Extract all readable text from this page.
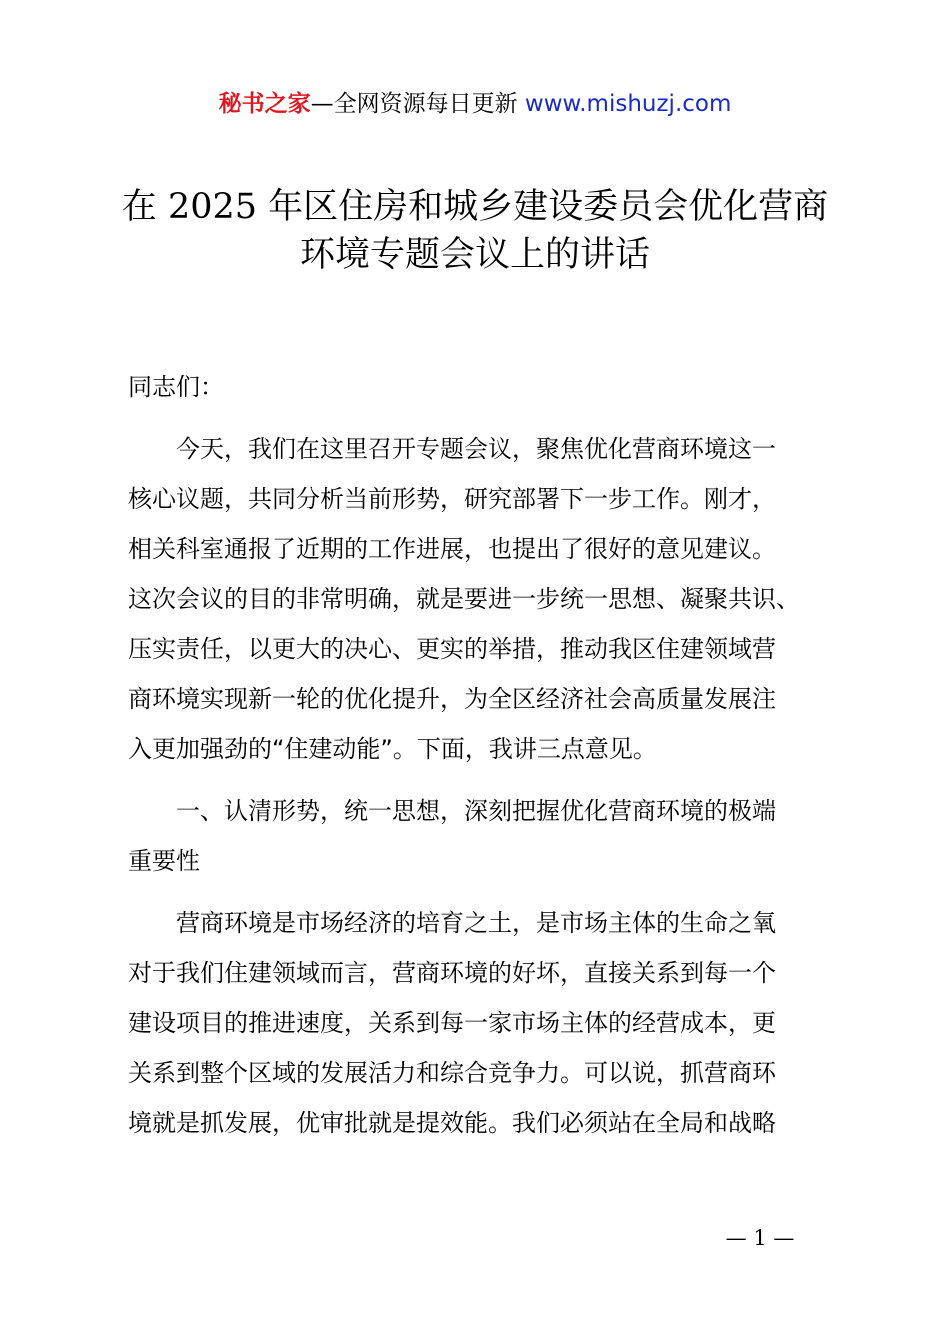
秘书之家—全网资源每日更新 www.mishuzj.com
在 2025 年区住房和城乡建设委员会优化营商
环境专题会议上的讲话

同志们：

今天，我们在这里召开专题会议，聚焦优化营商环境这一
核心议题，共同分析当前形势，研究部署下一步工作。刚才，
相关科室通报了近期的工作进展，也提出了很好的意见建议。
这次会议的目的非常明确，就是要进一步统一思想、凝聚共识、
压实责任，以更大的决心、更实的举措，推动我区住建领域营
商环境实现新一轮的优化提升，为全区经济社会高质量发展注
入更加强劲的“住建动能”。下面，我讲三点意见。

一、认清形势，统一思想，深刻把握优化营商环境的极端
重要性

营商环境是市场经济的培育之土，是市场主体的生命之氧
对于我们住建领域而言，营商环境的好坏，直接关系到每一个
建设项目的推进速度，关系到每一家市场主体的经营成本，更
关系到整个区域的发展活力和综合竞争力。可以说，抓营商环
境就是抓发展，优审批就是提效能。我们必须站在全局和战略

— 1 —
